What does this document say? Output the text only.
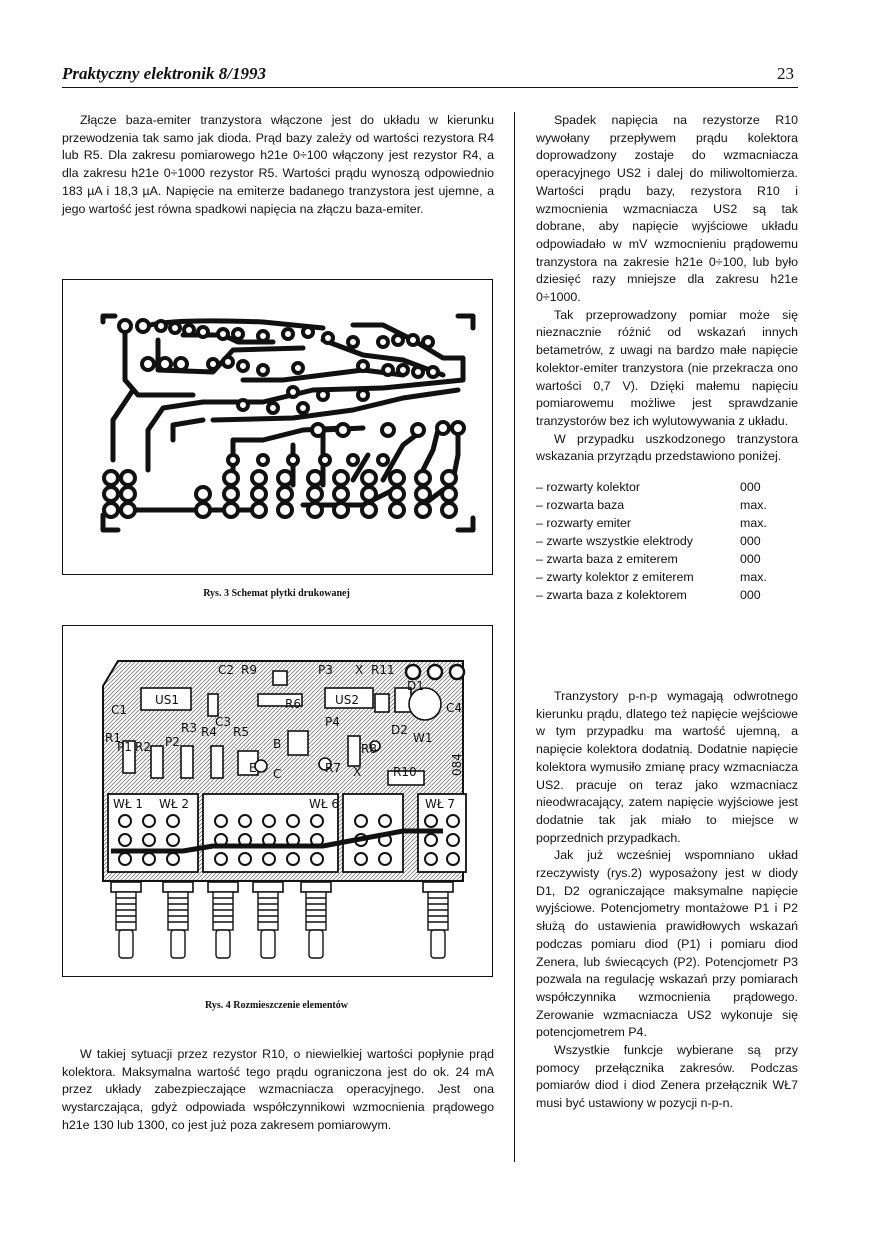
Praktyczny elektronik 8/1993	23

Złącze baza-emiter tranzystora włączone jest do układu w kierunku przewodzenia tak samo jak dioda. Prąd bazy zależy od wartości rezystora R4 lub R5. Dla zakresu pomiarowego h21e 0÷100 włączony jest rezystor R4, a dla zakresu h21e 0÷1000 rezystor R5. Wartości prądu wynoszą odpowiednio 183 µA i 18,3 µA. Napięcie na emiterze badanego tranzystora jest ujemne, a jego wartość jest równa spadkowi napięcia na złączu baza-emiter.

Rys. 3 Schemat płytki drukowanej
C2 R9	P3 X R11
C1
US1	R6	US2
D1
C4
R1
R3 R4
C3
R5
P4
D2
W1
P1 R2 P2	B	R8
R7
E C	X	R10	084
WŁ 1 WŁ 2	WŁ 6	WŁ 7
Rys. 4 Rozmieszczenie elementów

W takiej sytuacji przez rezystor R10, o niewielkiej wartości popłynie prąd kolektora. Maksymalna wartość tego prądu ograniczona jest do ok. 24 mA przez układy zabezpieczające wzmacniacza operacyjnego. Jest ona wystarczająca, gdyż odpowiada współczynnikowi wzmocnienia prądowego h21e 130 lub 1300, co jest już poza zakresem pomiarowym.

Spadek napięcia na rezystorze R10 wywołany przepływem prądu kolektora doprowadzony zostaje do wzmacniacza operacyjnego US2 i dalej do miliwoltomierza. Wartości prądu bazy, rezystora R10 i wzmocnienia wzmacniacza US2 są tak dobrane, aby napięcie wyjściowe układu odpowiadało w mV wzmocnieniu prądowemu tranzystora na zakresie h21e 0÷100, lub było dziesięć razy mniejsze dla zakresu h21e 0÷1000.

Tak przeprowadzony pomiar może się nieznacznie różnić od wskazań innych betametrów, z uwagi na bardzo małe napięcie kolektor-emiter tranzystora (nie przekracza ono wartości 0,7 V). Dzięki małemu napięciu pomiarowemu możliwe jest sprawdzanie tranzystorów bez ich wylutowywania z układu.

W przypadku uszkodzonego tranzystora wskazania przyrządu przedstawiono poniżej.

– rozwarty kolektor	000
– rozwarta baza	max.
– rozwarty emiter	max.
– zwarte wszystkie elektrody	000
– zwarta baza z emiterem	000
– zwarty kolektor z emiterem	max.
– zwarta baza z kolektorem	000

Tranzystory p-n-p wymagają odwrotnego kierunku prądu, dlatego też napięcie wejściowe w tym przypadku ma wartość ujemną, a napięcie kolektora dodatnią. Dodatnie napięcie kolektora wymusiło zmianę pracy wzmacniacza US2. pracuje on teraz jako wzmacniacz nieodwracający, zatem napięcie wyjściowe jest dodatnie tak jak miało to miejsce w poprzednich przypadkach.

Jak już wcześniej wspomniano układ rzeczywisty (rys.2) wyposażony jest w diody D1, D2 ograniczające maksymalne napięcie wyjściowe. Potencjometry montażowe P1 i P2 służą do ustawienia prawidłowych wskazań podczas pomiaru diod (P1) i pomiaru diod Zenera, lub świecących (P2). Potencjometr P3 pozwala na regulację wskazań przy pomiarach współczynnika wzmocnienia prądowego. Zerowanie wzmacniacza US2 wykonuje się potencjometrem P4.

Wszystkie funkcje wybierane są przy pomocy przełącznika zakresów. Podczas pomiarów diod i diod Zenera przełącznik WŁ7 musi być ustawiony w pozycji n-p-n.
